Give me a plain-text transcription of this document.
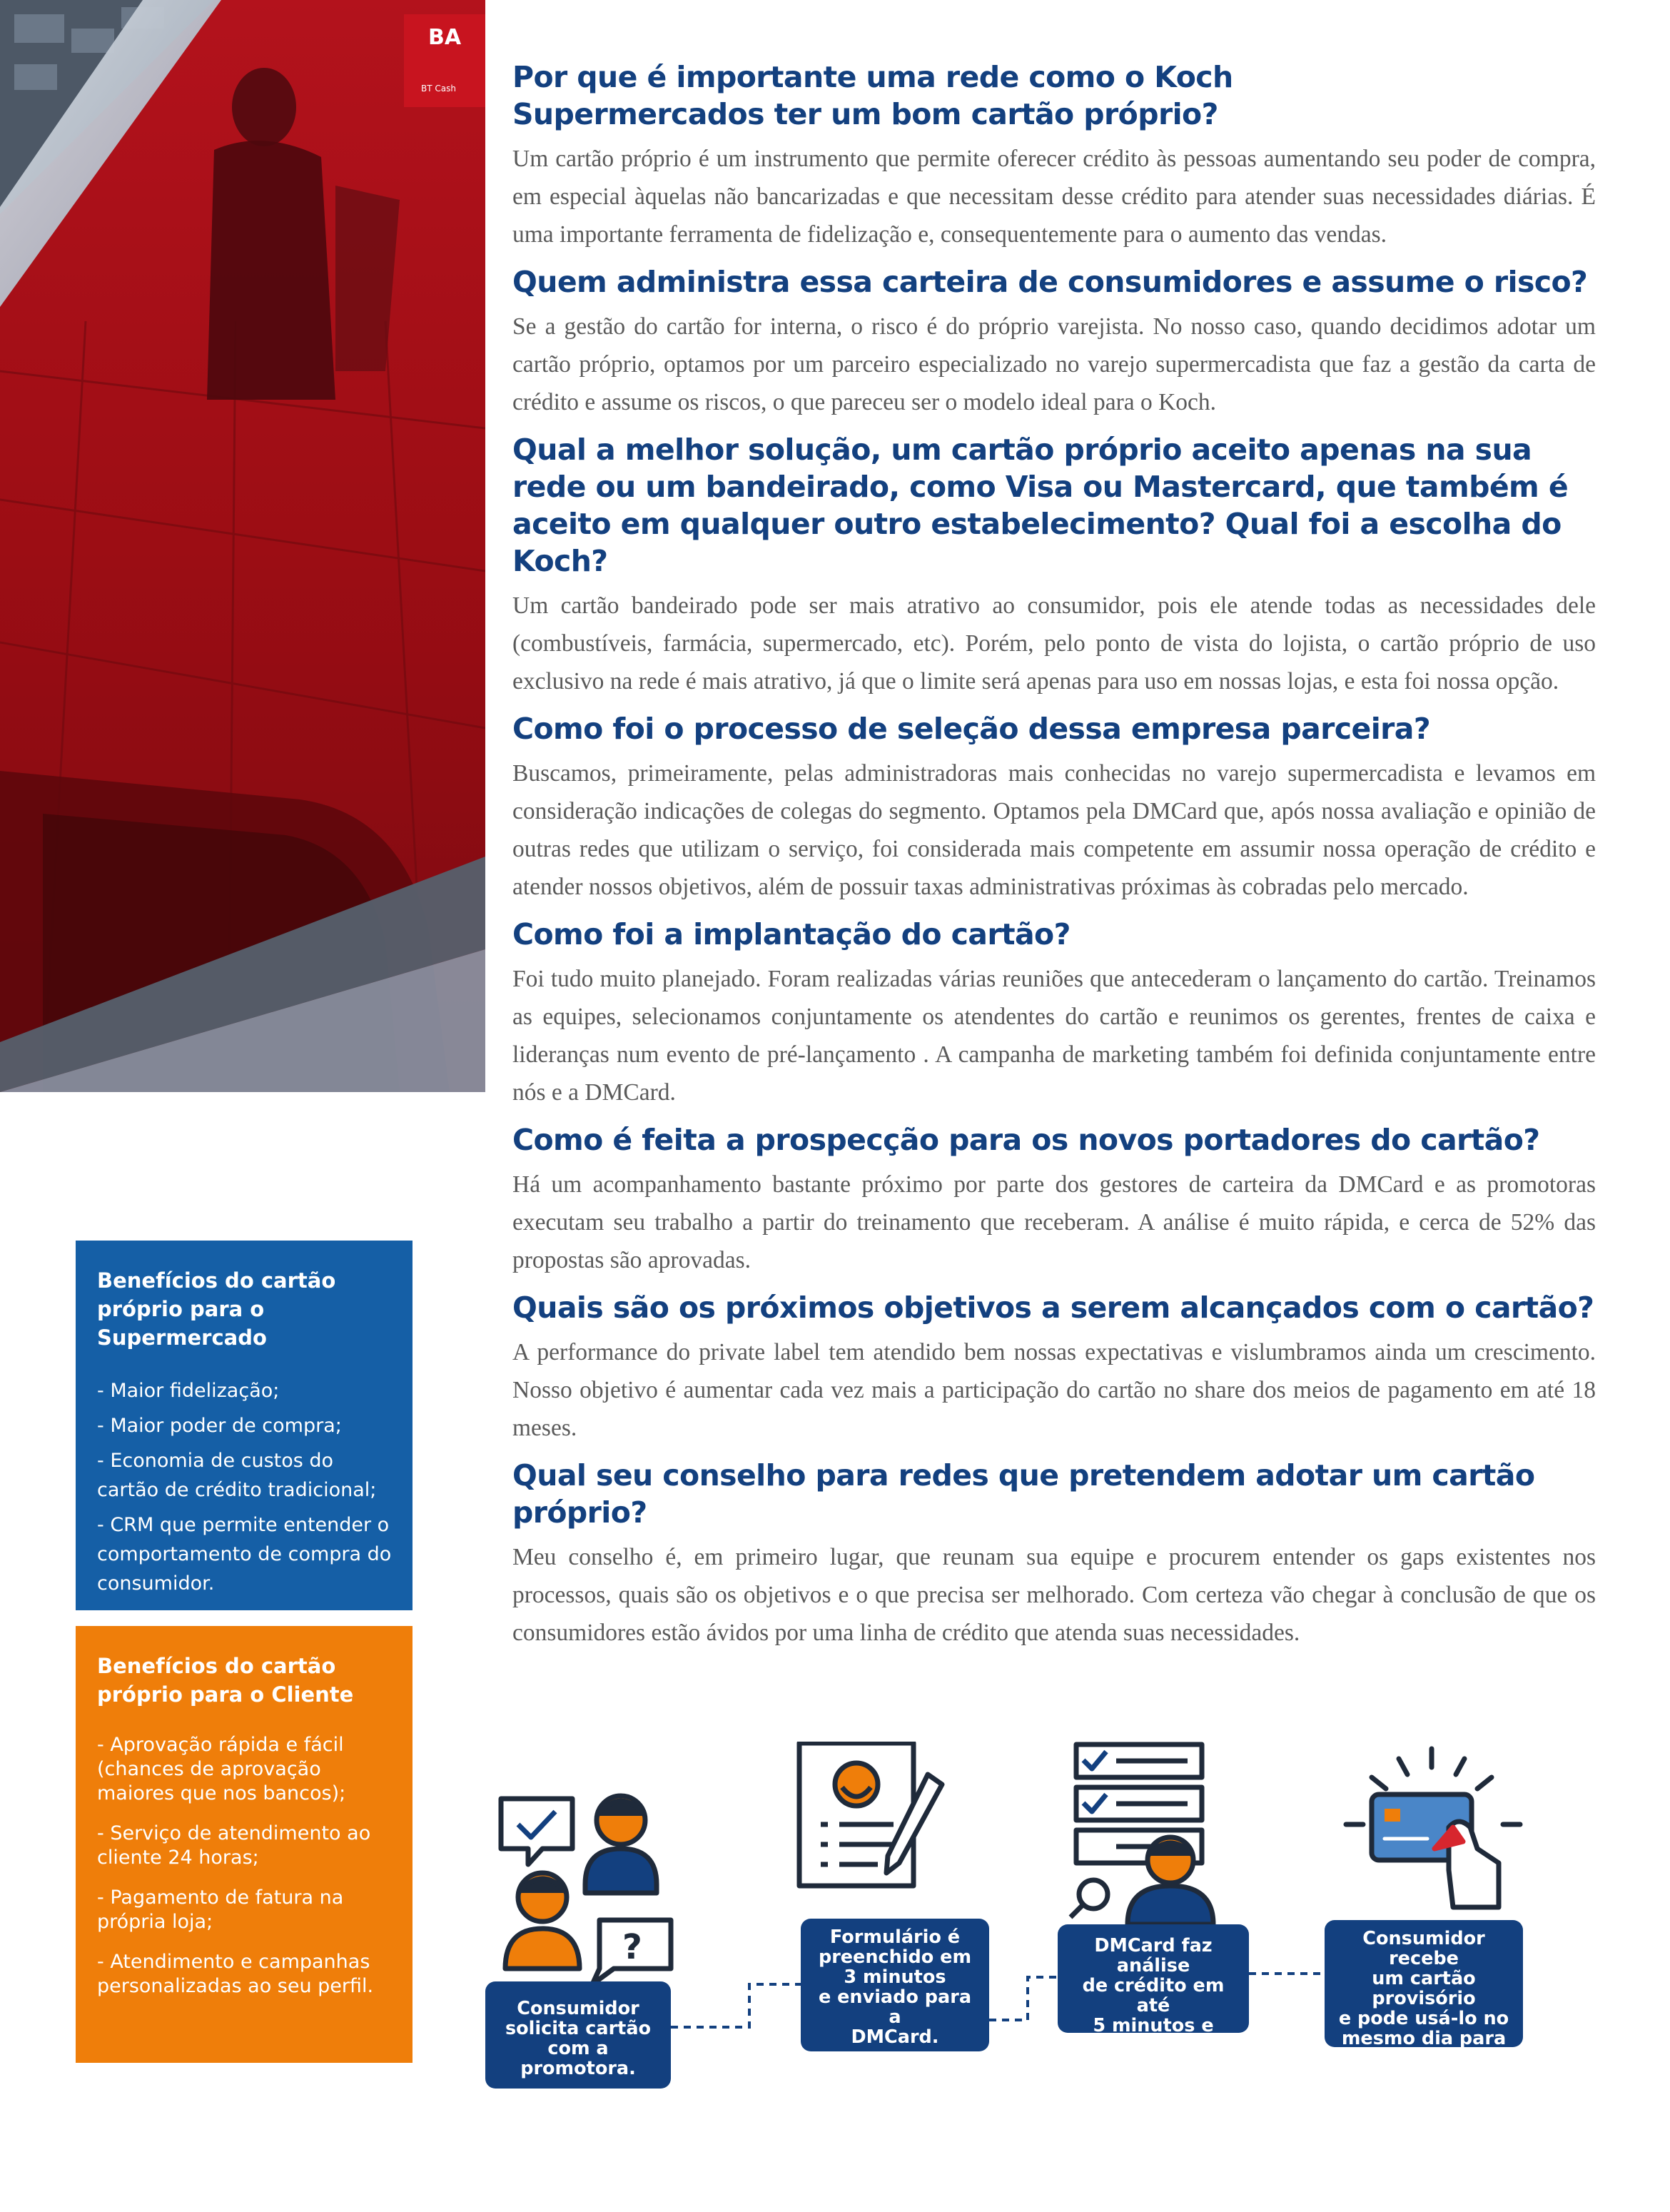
BA
BT Cash Por que é importante uma rede como o Koch Supermercados ter um bom cartão próprio?

Um cartão próprio é um instrumento que permite oferecer crédito às pessoas aumentando seu poder de compra, em especial àquelas não bancarizadas e que necessitam desse crédito para atender suas necessidades diárias. É uma importante ferramenta de fidelização e, consequentemente para o aumento das vendas.

Quem administra essa carteira de consumidores e assume o risco?

Se a gestão do cartão for interna, o risco é do próprio varejista. No nosso caso, quando decidimos adotar um cartão próprio, optamos por um parceiro especializado no varejo supermercadista que faz a gestão da carta de crédito e assume os riscos, o que pareceu ser o modelo ideal para o Koch.

Qual a melhor solução, um cartão próprio aceito apenas na sua rede ou um bandeirado, como Visa ou Mastercard, que também é aceito em qualquer outro estabelecimento? Qual foi a escolha do Koch?

Um cartão bandeirado pode ser mais atrativo ao consumidor, pois ele atende todas as necessidades dele (combustíveis, farmácia, supermercado, etc). Porém, pelo ponto de vista do lojista, o cartão próprio de uso exclusivo na rede é mais atrativo, já que o limite será apenas para uso em nossas lojas, e esta foi nossa opção.

Como foi o processo de seleção dessa empresa parceira?

Buscamos, primeiramente, pelas administradoras mais conhecidas no varejo supermercadista e levamos em consideração indicações de colegas do segmento. Optamos pela DMCard que, após nossa avaliação e opinião de outras redes que utilizam o serviço, foi considerada mais competente em assumir nossa operação de crédito e atender nossos objetivos, além de possuir taxas administrativas próximas às cobradas pelo mercado.

Como foi a implantação do cartão?

Foi tudo muito planejado. Foram realizadas várias reuniões que antecederam o lançamento do cartão. Treinamos as equipes, selecionamos conjuntamente os atendentes do cartão e reunimos os gerentes, frentes de caixa e lideranças num evento de pré-lançamento . A campanha de marketing também foi definida conjuntamente entre nós e a DMCard.

Como é feita a prospecção para os novos portadores do cartão?

Há um acompanhamento bastante próximo por parte dos gestores de carteira da DMCard e as promotoras executam seu trabalho a partir do treinamento que receberam. A análise é muito rápida, e cerca de 52% das propostas são aprovadas.

Quais são os próximos objetivos a serem alcançados com o cartão?

A performance do private label tem atendido bem nossas expectativas e vislumbramos ainda um crescimento. Nosso objetivo é aumentar cada vez mais a participação do cartão no share dos meios de pagamento em até 18 meses.

Qual seu conselho para redes que pretendem adotar um cartão próprio?

Meu conselho é, em primeiro lugar, que reunam sua equipe e procurem entender os gaps existentes nos processos, quais são os objetivos e o que precisa ser melhorado. Com certeza vão chegar à conclusão de que os consumidores estão ávidos por uma linha de crédito que atenda suas necessidades.

Benefícios do cartão próprio para o Supermercado
- Maior fidelização;
- Maior poder de compra;
- Economia de custos do cartão de crédito tradicional;
- CRM que permite entender o comportamento de compra do consumidor.
Benefícios do cartão próprio para o Cliente
- Aprovação rápida e fácil (chances de aprovação maiores que nos bancos);
- Serviço de atendimento ao cliente 24 horas;
- Pagamento de fatura na própria loja;
- Atendimento e campanhas personalizadas ao seu perfil.
?
Consumidor
solicita cartão
com a promotora.
Formulário é
preenchido em
3 minutos
e enviado para a
DMCard.
DMCard faz análise
de crédito em até
5 minutos e
aprova o cartão.
Consumidor recebe
um cartão provisório
e pode usá-lo no
mesmo dia para
pagar suas compras.
